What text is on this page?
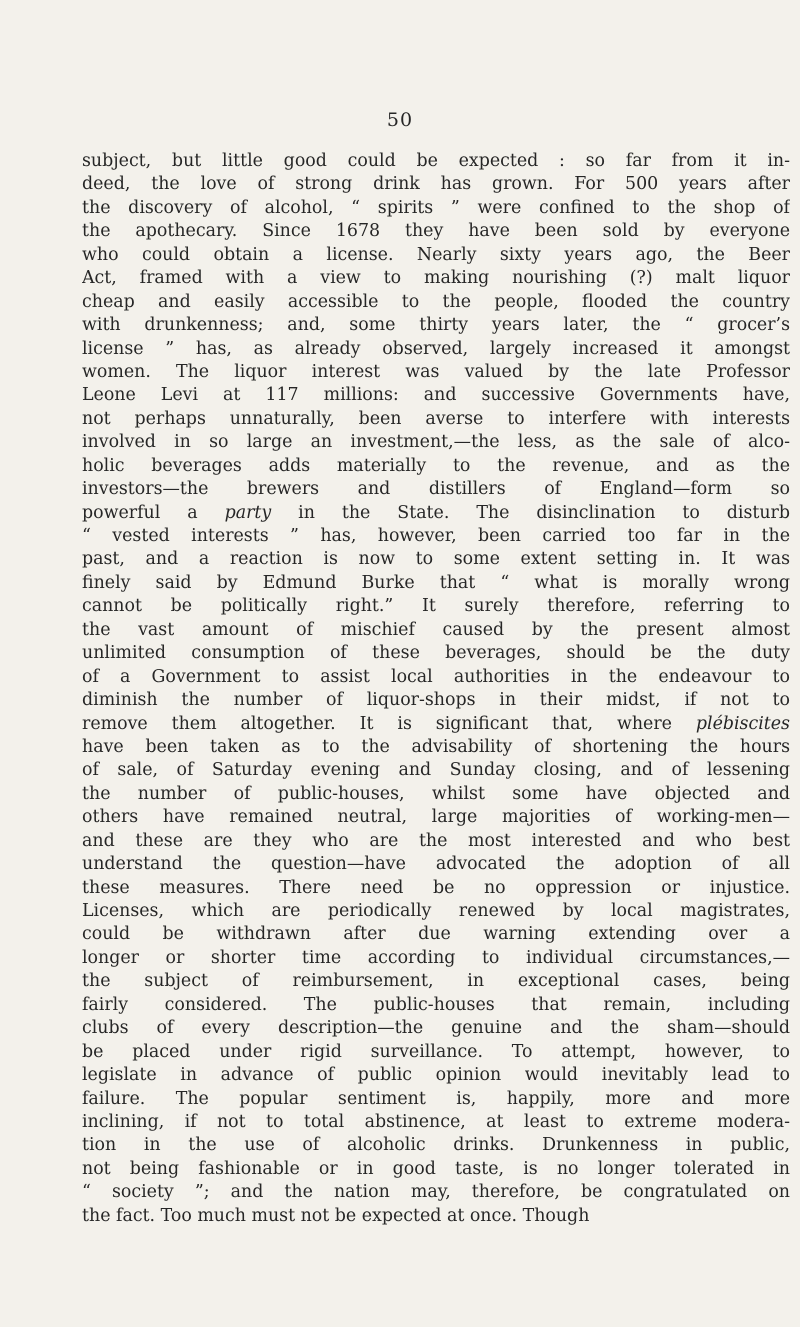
50
subject, but little good could be expected : so far from it in-
deed, the love of strong drink has grown. For 500 years after
the discovery of alcohol, “ spirits ” were confined to the shop of
the apothecary. Since 1678 they have been sold by everyone
who could obtain a license. Nearly sixty years ago, the Beer
Act, framed with a view to making nourishing (?) malt liquor
cheap and easily accessible to the people, flooded the country
with drunkenness; and, some thirty years later, the “ grocer’s
license ” has, as already observed, largely increased it amongst
women. The liquor interest was valued by the late Professor
Leone Levi at 117 millions: and successive Governments have,
not perhaps unnaturally, been averse to interfere with interests
involved in so large an investment,—the less, as the sale of alco-
holic beverages adds materially to the revenue, and as the
investors—the brewers and distillers of England—form so
powerful a party in the State. The disinclination to disturb
“ vested interests ” has, however, been carried too far in the
past, and a reaction is now to some extent setting in. It was
finely said by Edmund Burke that “ what is morally wrong
cannot be politically right.” It surely therefore, referring to
the vast amount of mischief caused by the present almost
unlimited consumption of these beverages, should be the duty
of a Government to assist local authorities in the endeavour to
diminish the number of liquor-shops in their midst, if not to
remove them altogether. It is significant that, where plébiscites
have been taken as to the advisability of shortening the hours
of sale, of Saturday evening and Sunday closing, and of lessening
the number of public-houses, whilst some have objected and
others have remained neutral, large majorities of working-men—
and these are they who are the most interested and who best
understand the question—have advocated the adoption of all
these measures. There need be no oppression or injustice.
Licenses, which are periodically renewed by local magistrates,
could be withdrawn after due warning extending over a
longer or shorter time according to individual circumstances,—
the subject of reimbursement, in exceptional cases, being
fairly considered. The public-houses that remain, including
clubs of every description—the genuine and the sham—should
be placed under rigid surveillance. To attempt, however, to
legislate in advance of public opinion would inevitably lead to
failure. The popular sentiment is, happily, more and more
inclining, if not to total abstinence, at least to extreme modera-
tion in the use of alcoholic drinks. Drunkenness in public,
not being fashionable or in good taste, is no longer tolerated in
“ society ”; and the nation may, therefore, be congratulated on
the fact. Too much must not be expected at once. Though
